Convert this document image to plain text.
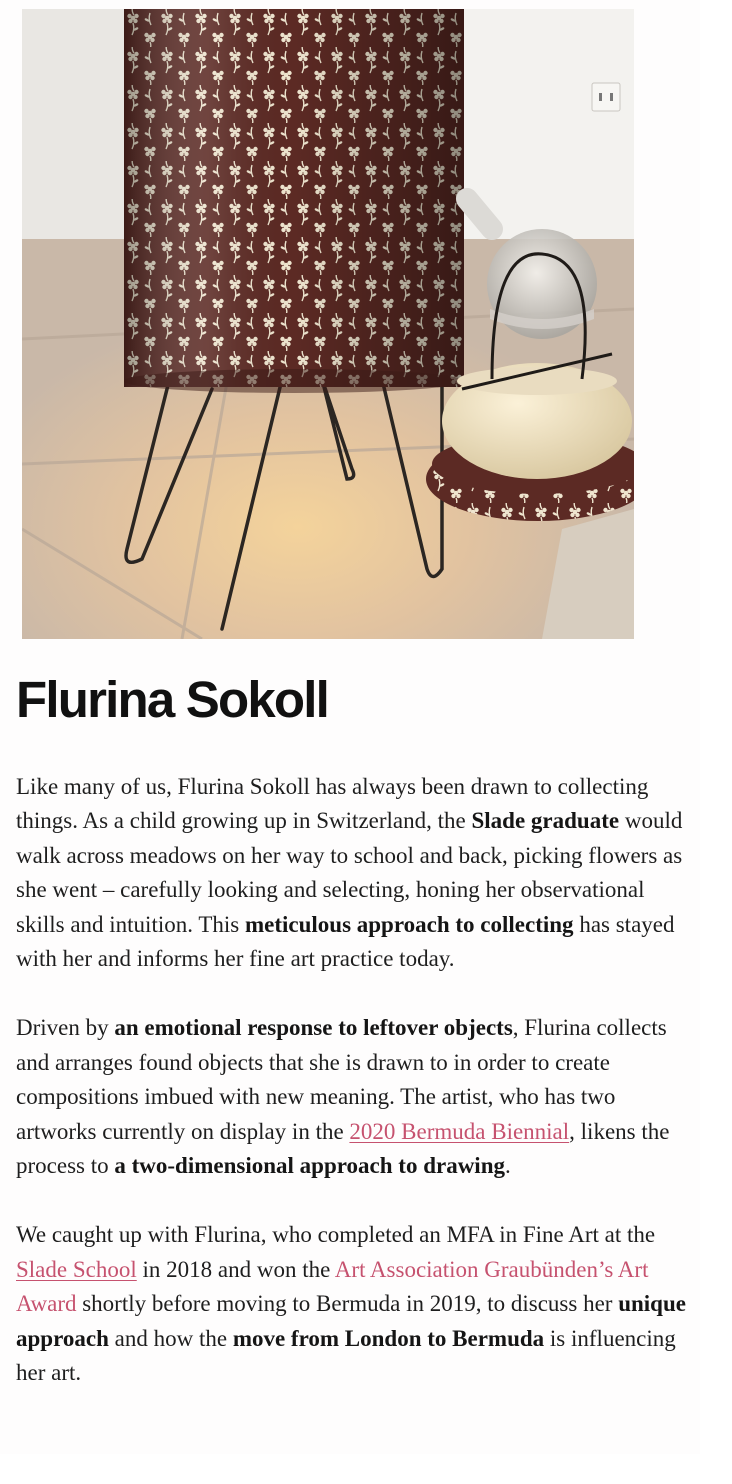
Flurina Sokoll

Like many of us, Flurina Sokoll has always been drawn to collecting things. As a child growing up in Switzerland, the Slade graduate would walk across meadows on her way to school and back, picking flowers as she went – carefully looking and selecting, honing her observational skills and intuition. This meticulous approach to collecting has stayed with her and informs her fine art practice today.

Driven by an emotional response to leftover objects, Flurina collects and arranges found objects that she is drawn to in order to create compositions imbued with new meaning. The artist, who has two artworks currently on display in the 2020 Bermuda Biennial, likens the process to a two-dimensional approach to drawing.

We caught up with Flurina, who completed an MFA in Fine Art at the Slade School in 2018 and won the Art Association Graubünden’s Art Award shortly before moving to Bermuda in 2019, to discuss her unique approach and how the move from London to Bermuda is influencing her art.
